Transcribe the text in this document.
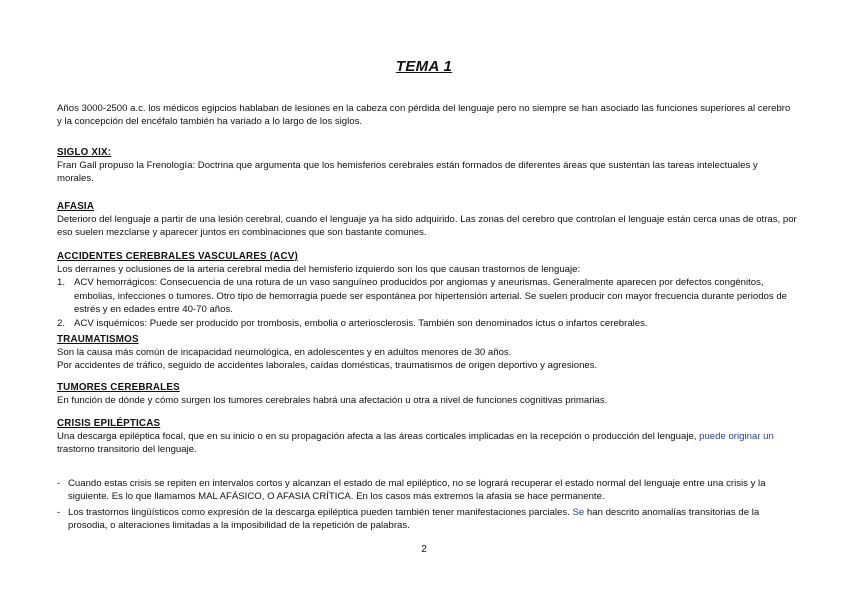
TEMA 1

Años 3000-2500 a.c. los médicos egipcios hablaban de lesiones en la cabeza con pérdida del lenguaje pero no siempre se han asociado las funciones superiores al cerebro y la concepción del encéfalo también ha variado a lo largo de los siglos.

SIGLO XIX:

Fran Gall propuso la Frenología: Doctrina que argumenta que los hemisferios cerebrales están formados de diferentes áreas que sustentan las tareas intelectuales y morales.

AFASIA

Deterioro del lenguaje a partir de una lesión cerebral, cuando el lenguaje ya ha sido adquirido. Las zonas del cerebro que controlan el lenguaje están cerca unas de otras, por eso suelen mezclarse y aparecer juntos en combinaciones que son bastante comunes.

ACCIDENTES CEREBRALES VASCULARES (ACV)

Los derrames y oclusiones de la arteria cerebral media del hemisferio izquierdo son los que causan trastornos de lenguaje:

1. ACV hemorrágicos: Consecuencia de una rotura de un vaso sanguíneo producidos por angiomas y aneurismas. Generalmente aparecen por defectos congénitos, embolias, infecciones o tumores. Otro tipo de hemorragia puede ser espontánea por hipertensión arterial. Se suelen producir con mayor frecuencia durante periodos de estrés y en edades entre 40-70 años.
2. ACV isquémicos: Puede ser producido por trombosis, embolia o arteriosclerosis. También son denominados ictus o infartos cerebrales.
TRAUMATISMOS

Son la causa más común de incapacidad neumológica, en adolescentes y en adultos menores de 30 años.

Por accidentes de tráfico, seguido de accidentes laborales, caídas domésticas, traumatismos de origen deportivo y agresiones.

TUMORES CEREBRALES

En función de dónde y cómo surgen los tumores cerebrales habrá una afectación u otra a nivel de funciones cognitivas primarias.

CRISIS EPILÉPTICAS

Una descarga epiléptica focal, que en su inicio o en su propagación afecta a las áreas corticales implicadas en la recepción o producción del lenguaje, puede originar un trastorno transitorio del lenguaje.

- Cuando estas crisis se repiten en intervalos cortos y alcanzan el estado de mal epiléptico, no se logrará recuperar el estado normal del lenguaje entre una crisis y la siguiente. Es lo que llamamos MAL AFÁSICO, O AFASIA CRÍTICA. En los casos más extremos la afasia se hace permanente.
- Los trastornos lingüísticos como expresión de la descarga epiléptica pueden también tener manifestaciones parciales. Se han descrito anomalías transitorias de la prosodia, o alteraciones limitadas a la imposibilidad de la repetición de palabras.
2
